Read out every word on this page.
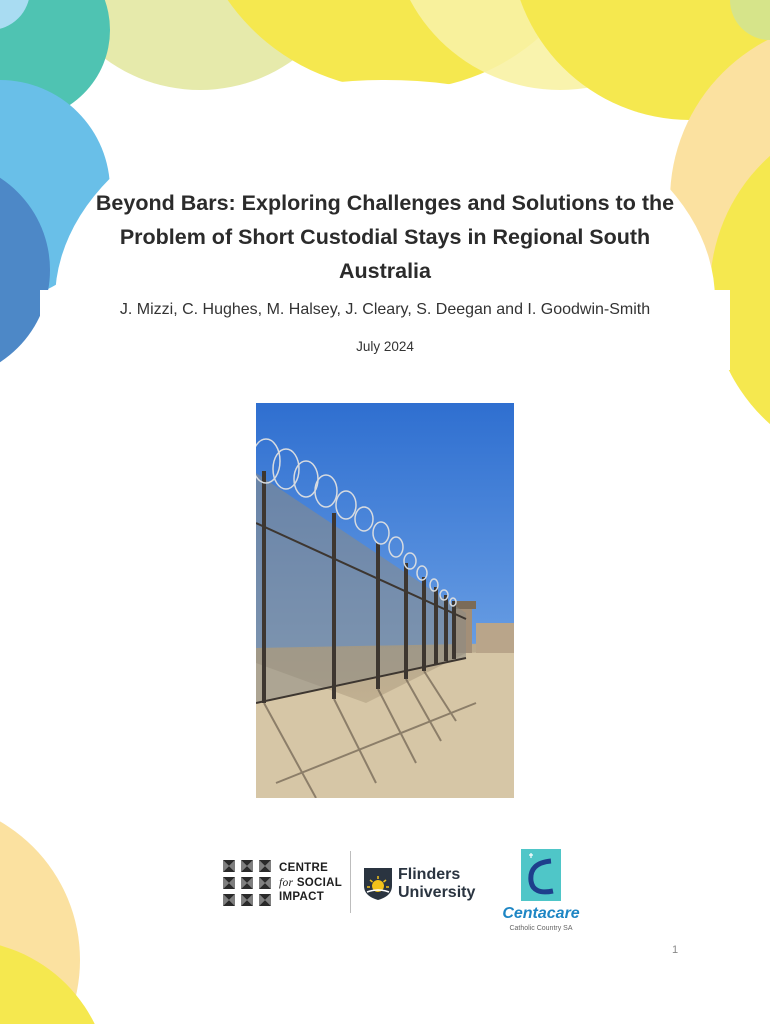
Beyond Bars: Exploring Challenges and Solutions to the
Problem of Short Custodial Stays in Regional South
Australia
J. Mizzi, C. Hughes, M. Halsey, J. Cleary, S. Deegan and I. Goodwin-Smith
July 2024
CENTRE
for SOCIAL
IMPACT
Flinders
University
Centacare
Catholic Country SA
1
